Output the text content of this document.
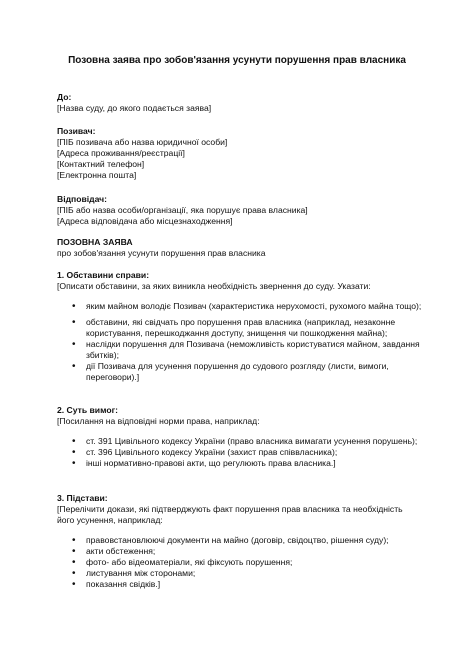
Позовна заява про зобов'язання усунути порушення прав власника

До:

[Назва суду, до якого подається заява]

Позивач:

[ПІБ позивача або назва юридичної особи]

[Адреса проживання/реєстрації]

[Контактний телефон]

[Електронна пошта]

Відповідач:

[ПІБ або назва особи/організації, яка порушує права власника]

[Адреса відповідача або місцезнаходження]

ПОЗОВНА ЗАЯВА

про зобов'язання усунути порушення прав власника

1. Обставини справи:

[Описати обставини, за яких виникла необхідність звернення до суду. Указати:

• яким майном володіє Позивач (характеристика нерухомості, рухомого майна тощо);
• обставини, які свідчать про порушення прав власника (наприклад, незаконне користування, перешкоджання доступу, знищення чи пошкодження майна);
• наслідки порушення для Позивача (неможливість користуватися майном, завдання збитків);
• дії Позивача для усунення порушення до судового розгляду (листи, вимоги, переговори).]

2. Суть вимог:

[Посилання на відповідні норми права, наприклад:

• ст. 391 Цивільного кодексу України (право власника вимагати усунення порушень);
• ст. 396 Цивільного кодексу України (захист прав співвласника);
• інші нормативно-правові акти, що регулюють права власника.]

3. Підстави:

[Перелічити докази, які підтверджують факт порушення прав власника та необхідність його усунення, наприклад:

• правовстановлюючі документи на майно (договір, свідоцтво, рішення суду);
• акти обстеження;
• фото- або відеоматеріали, які фіксують порушення;
• листування між сторонами;
• показання свідків.]
